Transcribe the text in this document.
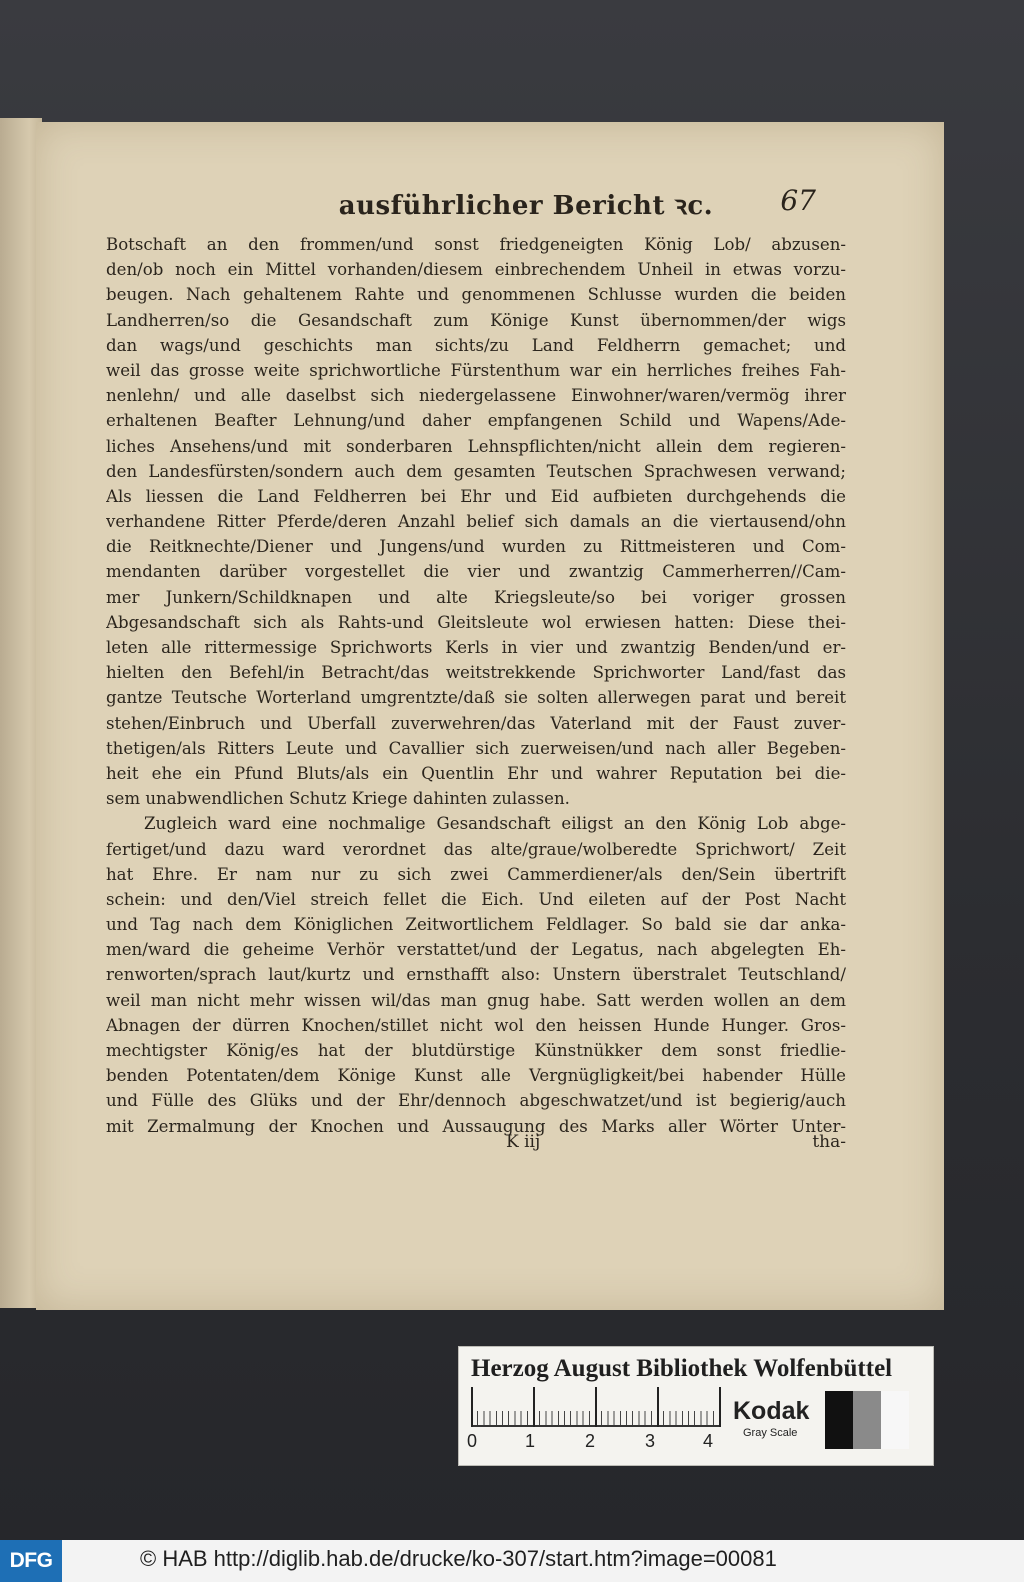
ausführlicher Bericht ꝛc.	67
Botschaft an den frommen/und sonst friedgeneigten König Lob/ abzusen-
den/ob noch ein Mittel vorhanden/diesem einbrechendem Unheil in etwas vorzu-
beugen. Nach gehaltenem Rahte und genommenen Schlusse wurden die beiden
Landherren/so die Gesandschaft zum Könige Kunst übernommen/der wigs
dan wags/und geschichts man sichts/zu Land Feldherrn gemachet; und
weil das grosse weite sprichwortliche Fürstenthum war ein herrliches freihes Fah-
nenlehn/ und alle daselbst sich niedergelassene Einwohner/waren/vermög ihrer
erhaltenen Beafter Lehnung/und daher empfangenen Schild und Wapens/Ade-
liches Ansehens/und mit sonderbaren Lehnspflichten/nicht allein dem regieren-
den Landesfürsten/sondern auch dem gesamten Teutschen Sprachwesen verwand;
Als liessen die Land Feldherren bei Ehr und Eid aufbieten durchgehends die
verhandene Ritter Pferde/deren Anzahl belief sich damals an die viertausend/ohn
die Reitknechte/Diener und Jungens/und wurden zu Rittmeisteren und Com-
mendanten darüber vorgestellet die vier und zwantzig Cammerherren//Cam-
mer Junkern/Schildknapen und alte Kriegsleute/so bei voriger grossen
Abgesandschaft sich als Rahts-und Gleitsleute wol erwiesen hatten: Diese thei-
leten alle rittermessige Sprichworts Kerls in vier und zwantzig Benden/und er-
hielten den Befehl/in Betracht/das weitstrekkende Sprichworter Land/fast das
gantze Teutsche Worterland umgrentzte/daß sie solten allerwegen parat und bereit
stehen/Einbruch und Uberfall zuverwehren/das Vaterland mit der Faust zuver-
thetigen/als Ritters Leute und Cavallier sich zuerweisen/und nach aller Begeben-
heit ehe ein Pfund Bluts/als ein Quentlin Ehr und wahrer Reputation bei die-
sem unabwendlichen Schutz Kriege dahinten zulassen.
Zugleich ward eine nochmalige Gesandschaft eiligst an den König Lob abge-
fertiget/und dazu ward verordnet das alte/graue/wolberedte Sprichwort/ Zeit
hat Ehre. Er nam nur zu sich zwei Cammerdiener/als den/Sein übertrift
schein: und den/Viel streich fellet die Eich. Und eileten auf der Post Nacht
und Tag nach dem Königlichen Zeitwortlichem Feldlager. So bald sie dar anka-
men/ward die geheime Verhör verstattet/und der Legatus, nach abgelegten Eh-
renworten/sprach laut/kurtz und ernsthafft also: Unstern überstralet Teutschland/
weil man nicht mehr wissen wil/das man gnug habe. Satt werden wollen an dem
Abnagen der dürren Knochen/stillet nicht wol den heissen Hunde Hunger. Gros-
mechtigster König/es hat der blutdürstige Künstnükker dem sonst friedlie-
benden Potentaten/dem Könige Kunst alle Vergnügligkeit/bei habender Hülle
und Fülle des Glüks und der Ehr/dennoch abgeschwatzet/und ist begierig/auch
mit Zermalmung der Knochen und Aussaugung des Marks aller Wörter Unter-
K iij	tha-
Herzog August Bibliothek Wolfenbüttel
0	1	2	3	4
Kodak
Gray Scale
DFG	© HAB http://diglib.hab.de/drucke/ko-307/start.htm?image=00081
